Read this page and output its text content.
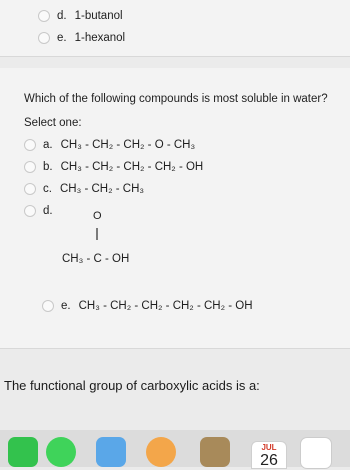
d. 1-butanol
e. 1-hexanol
Which of the following compounds is most soluble in water?
Select one:
a. CH₃ - CH₂ - CH₂ - O - CH₃
b. CH₃ - CH₂ - CH₂ - CH₂ - OH
c. CH₃ - CH₂ - CH₃
d.	O
CH₃ - C - OH
e. CH₃ - CH₂ - CH₂ - CH₂ - CH₂ - OH
The functional group of carboxylic acids is a:
JUL
26
